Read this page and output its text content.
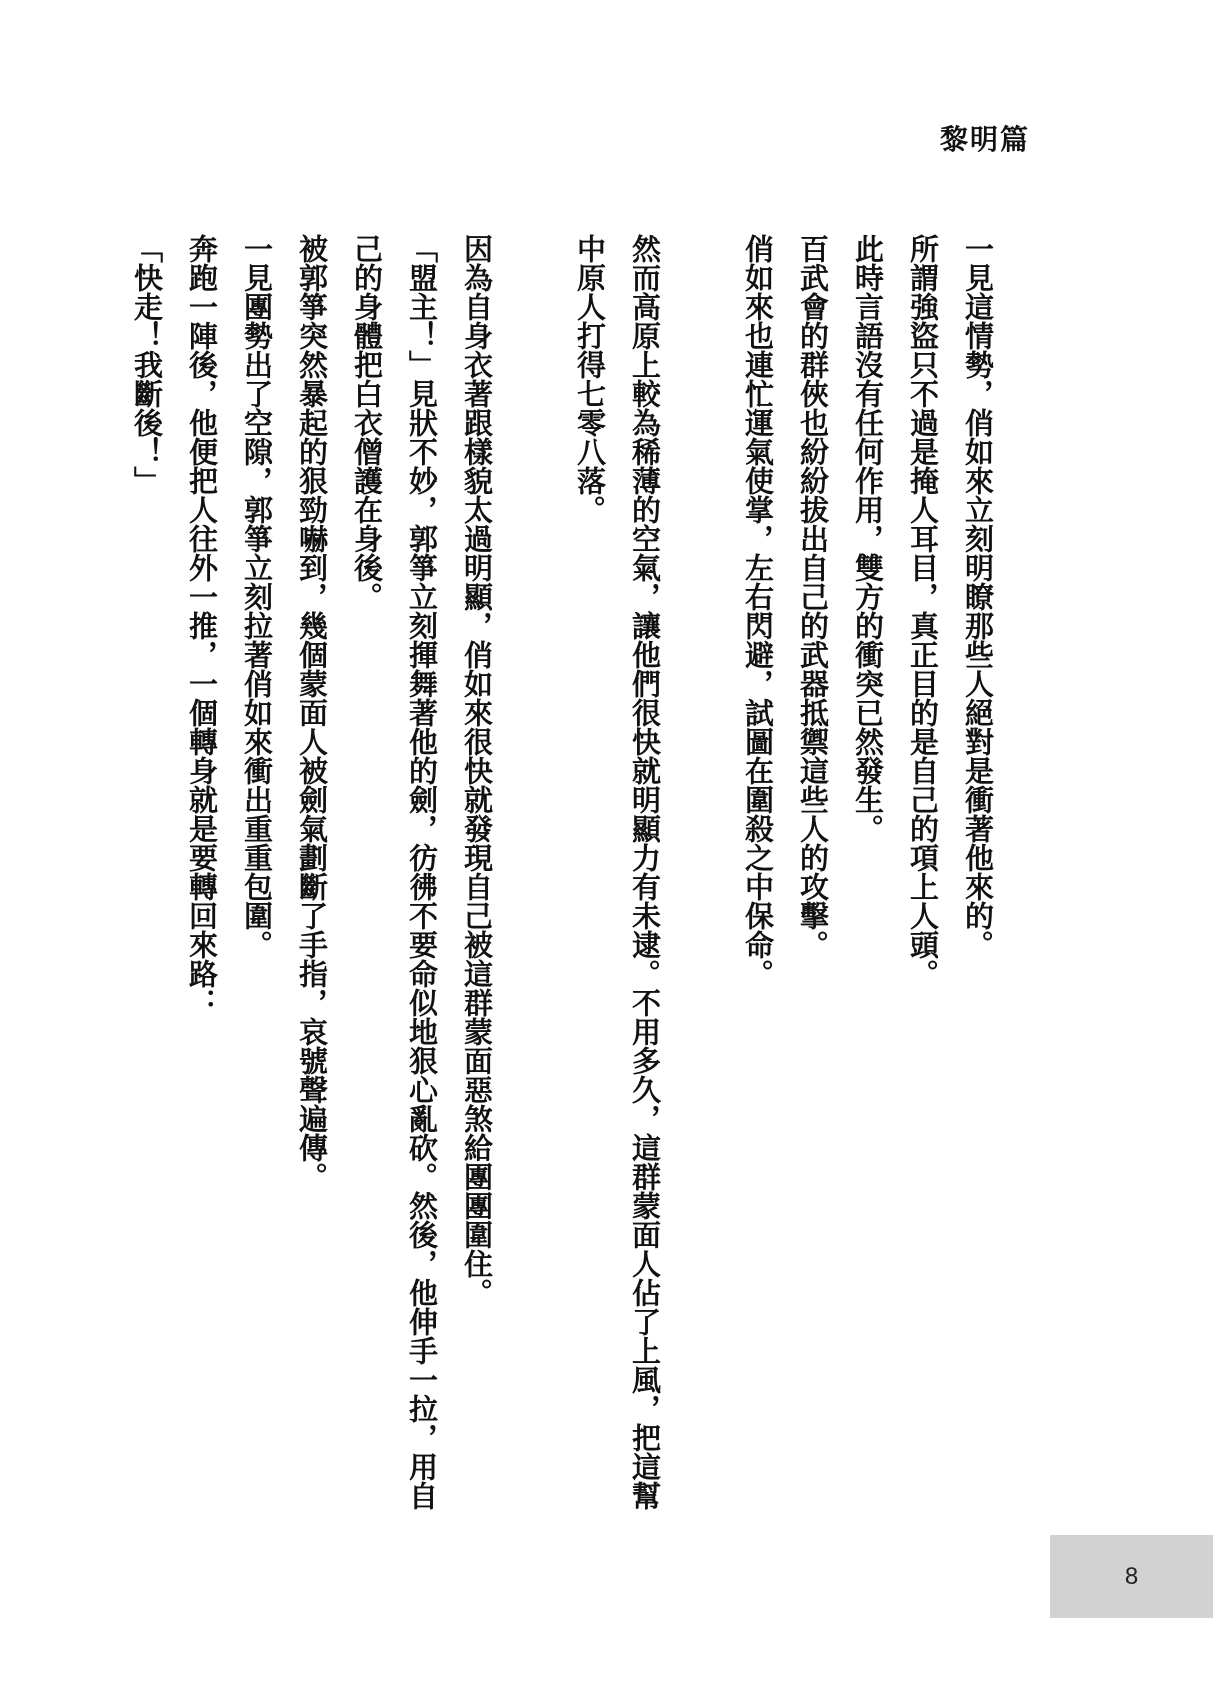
黎明篇

一見這情勢，俏如來立刻明瞭那些人絕對是衝著他來的。

所謂強盜只不過是掩人耳目，真正目的是自己的項上人頭。

此時言語沒有任何作用，雙方的衝突已然發生。

百武會的群俠也紛紛拔出自己的武器抵禦這些人的攻擊。

俏如來也連忙運氣使掌，左右閃避，試圖在圍殺之中保命。

然而高原上較為稀薄的空氣，讓他們很快就明顯力有未逮。不用多久，這群蒙面人佔了上風，把這幫中原人打得七零八落。

因為自身衣著跟樣貌太過明顯，俏如來很快就發現自己被這群蒙面惡煞給團團圍住。

「盟主！」見狀不妙，郭箏立刻揮舞著他的劍，彷彿不要命似地狠心亂砍。然後，他伸手一拉，用自己的身體把白衣僧護在身後。

被郭箏突然暴起的狠勁嚇到，幾個蒙面人被劍氣劃斷了手指，哀號聲遍傳。

一見團勢出了空隙，郭箏立刻拉著俏如來衝出重重包圍。

奔跑一陣後，他便把人往外一推，一個轉身就是要轉回來路：

「快走！我斷後！」

8
